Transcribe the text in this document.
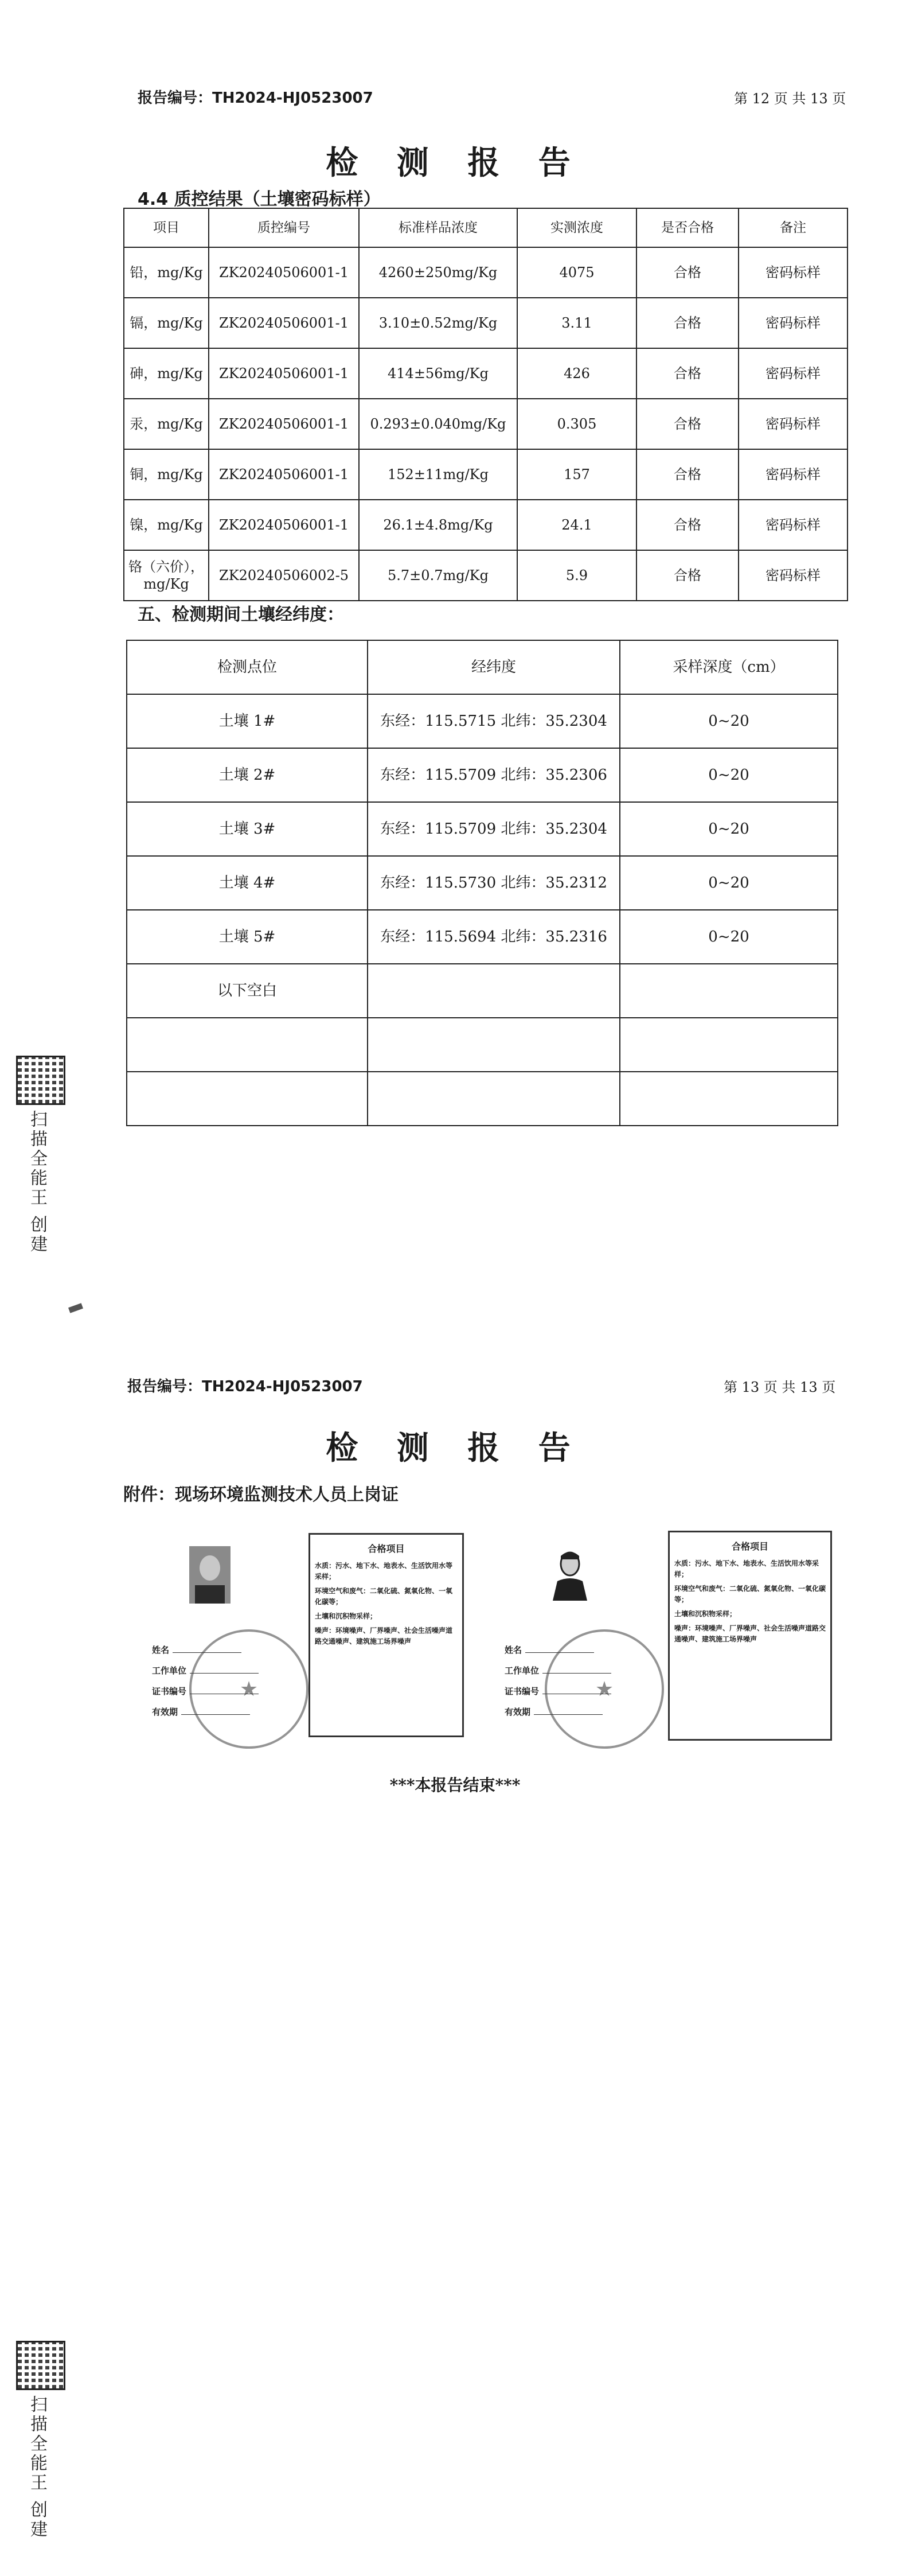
报告编号：TH2024-HJ0523007	第 12 页 共 13 页
检 测 报 告
4.4 质控结果（土壤密码标样）
项目	质控编号	标准样品浓度	实测浓度	是否合格	备注
铅，mg/Kg	ZK20240506001-1	4260±250mg/Kg	4075	合格	密码标样
镉，mg/Kg	ZK20240506001-1	3.10±0.52mg/Kg	3.11	合格	密码标样
砷，mg/Kg	ZK20240506001-1	414±56mg/Kg	426	合格	密码标样
汞，mg/Kg	ZK20240506001-1	0.293±0.040mg/Kg	0.305	合格	密码标样
铜，mg/Kg	ZK20240506001-1	152±11mg/Kg	157	合格	密码标样
镍，mg/Kg	ZK20240506001-1	26.1±4.8mg/Kg	24.1	合格	密码标样
铬（六价），mg/Kg	ZK20240506002-5	5.7±0.7mg/Kg	5.9	合格	密码标样
五、检测期间土壤经纬度：
检测点位	经纬度	采样深度（cm）
土壤 1#	东经：115.5715 北纬：35.2304	0~20
土壤 2#	东经：115.5709 北纬：35.2306	0~20
土壤 3#	东经：115.5709 北纬：35.2304	0~20
土壤 4#	东经：115.5730 北纬：35.2312	0~20
土壤 5#	东经：115.5694 北纬：35.2316	0~20
以下空白		

扫描全能王 创建
报告编号：TH2024-HJ0523007	第 13 页 共 13 页
检 测 报 告
附件：现场环境监测技术人员上岗证
姓名
工作单位
证书编号
有效期
★
合格项目
水质：污水、地下水、地表水、生活饮用水等采样；
环境空气和废气：二氧化硫、氮氧化物、一氧化碳等；
土壤和沉积物采样；
噪声：环境噪声、厂界噪声、社会生活噪声道路交通噪声、建筑施工场界噪声
姓名
工作单位
证书编号
有效期
★
合格项目
水质：污水、地下水、地表水、生活饮用水等采样；
环境空气和废气：二氧化硫、氮氧化物、一氧化碳等；
土壤和沉积物采样；
噪声：环境噪声、厂界噪声、社会生活噪声道路交通噪声、建筑施工场界噪声
***本报告结束***
扫描全能王 创建
